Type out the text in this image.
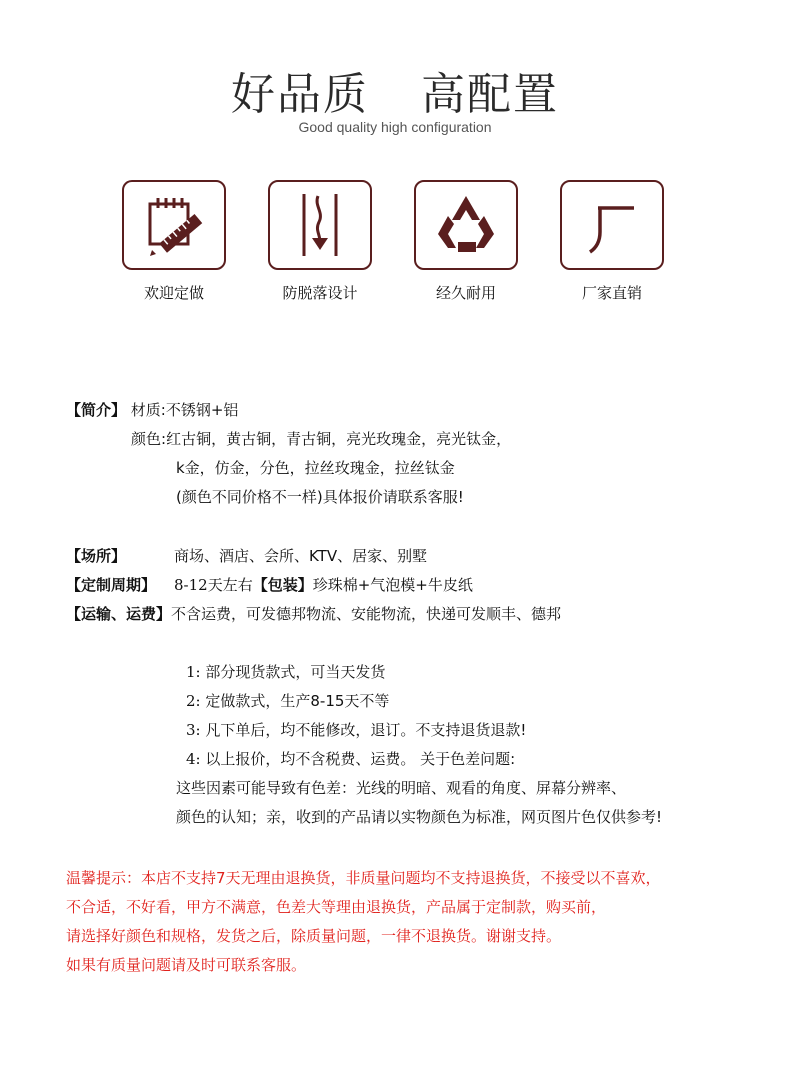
好品质 高配置
Good quality high configuration
欢迎定做	防脱落设计	经久耐用	厂家直销
【简介】 材质:不锈钢+铝
颜色:红古铜，黄古铜，青古铜，亮光玫瑰金，亮光钛金，
k金，仿金，分色，拉丝玫瑰金，拉丝钛金
(颜色不同价格不一样)具体报价请联系客服!
【场所】	商场、酒店、会所、KTV、居家、别墅
【定制周期】 8-12天左右【包装】珍珠棉+气泡模+牛皮纸
【运输、运费】不含运费，可发德邦物流、安能物流，快递可发顺丰、德邦
1: 部分现货款式，可当天发货
2: 定做款式，生产8-15天不等
3: 凡下单后，均不能修改，退订。不支持退货退款!
4: 以上报价，均不含税费、运费。 关于色差问题:
这些因素可能导致有色差：光线的明暗、观看的角度、屏幕分辨率、
颜色的认知；亲，收到的产品请以实物颜色为标准，网页图片色仅供参考!
温馨提示：本店不支持7天无理由退换货，非质量问题均不支持退换货，不接受以不喜欢，
不合适，不好看，甲方不满意，色差大等理由退换货，产品属于定制款，购买前，
请选择好颜色和规格，发货之后，除质量问题，一律不退换货。谢谢支持。
如果有质量问题请及时可联系客服。
